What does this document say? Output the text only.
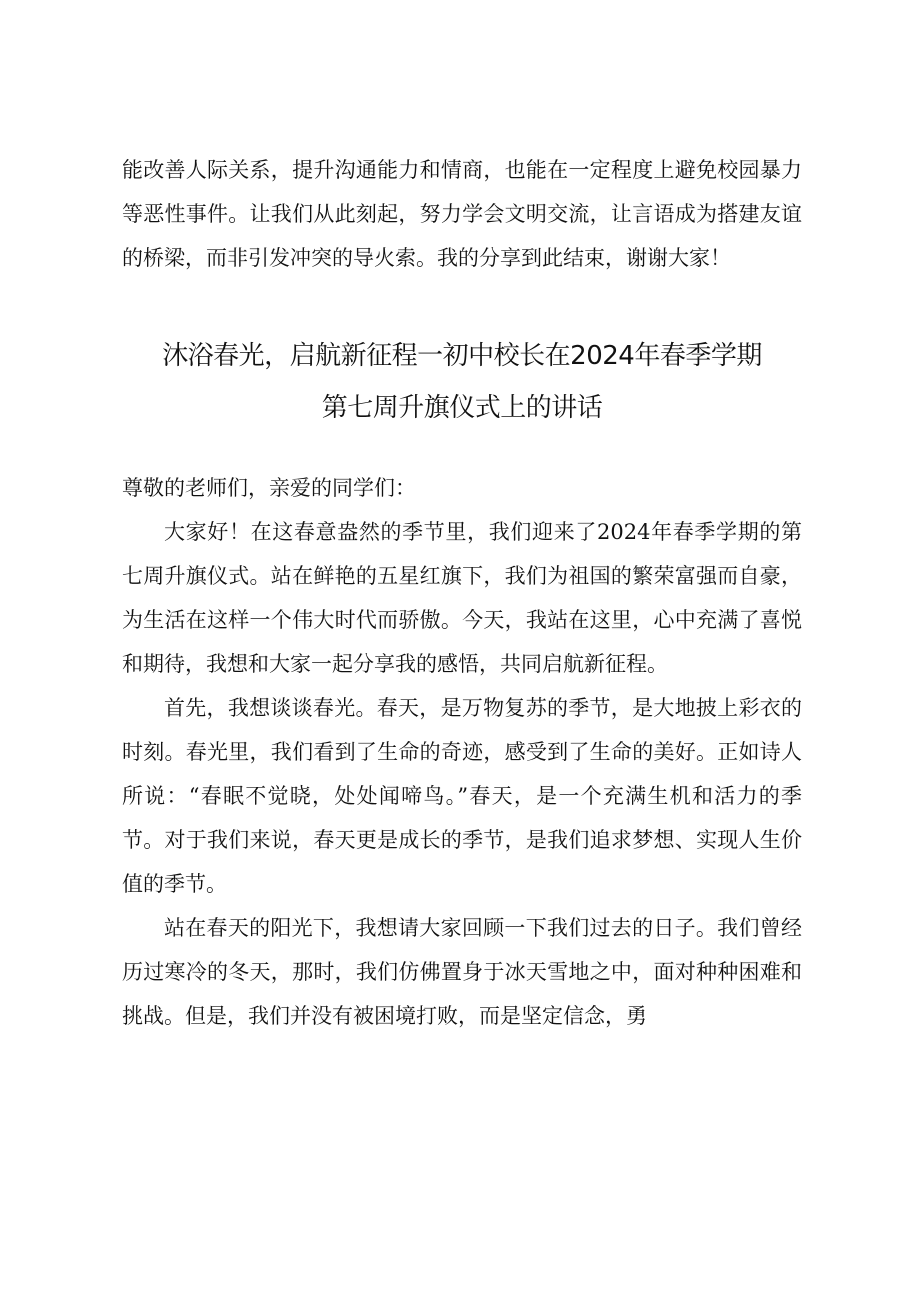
能改善人际关系，提升沟通能力和情商，也能在一定程度上避免校园暴力等恶性事件。让我们从此刻起，努力学会文明交流，让言语成为搭建友谊的桥梁，而非引发冲突的导火索。我的分享到此结束，谢谢大家！

沐浴春光，启航新征程一初中校长在2024年春季学期

第七周升旗仪式上的讲话

尊敬的老师们，亲爱的同学们：

大家好！在这春意盎然的季节里，我们迎来了2024年春季学期的第七周升旗仪式。站在鲜艳的五星红旗下，我们为祖国的繁荣富强而自豪，为生活在这样一个伟大时代而骄傲。今天，我站在这里，心中充满了喜悦和期待，我想和大家一起分享我的感悟，共同启航新征程。

首先，我想谈谈春光。春天，是万物复苏的季节，是大地披上彩衣的时刻。春光里，我们看到了生命的奇迹，感受到了生命的美好。正如诗人所说：“春眠不觉晓，处处闻啼鸟。”春天，是一个充满生机和活力的季节。对于我们来说，春天更是成长的季节，是我们追求梦想、实现人生价值的季节。

站在春天的阳光下，我想请大家回顾一下我们过去的日子。我们曾经历过寒冷的冬天，那时，我们仿佛置身于冰天雪地之中，面对种种困难和挑战。但是，我们并没有被困境打败，而是坚定信念，勇
